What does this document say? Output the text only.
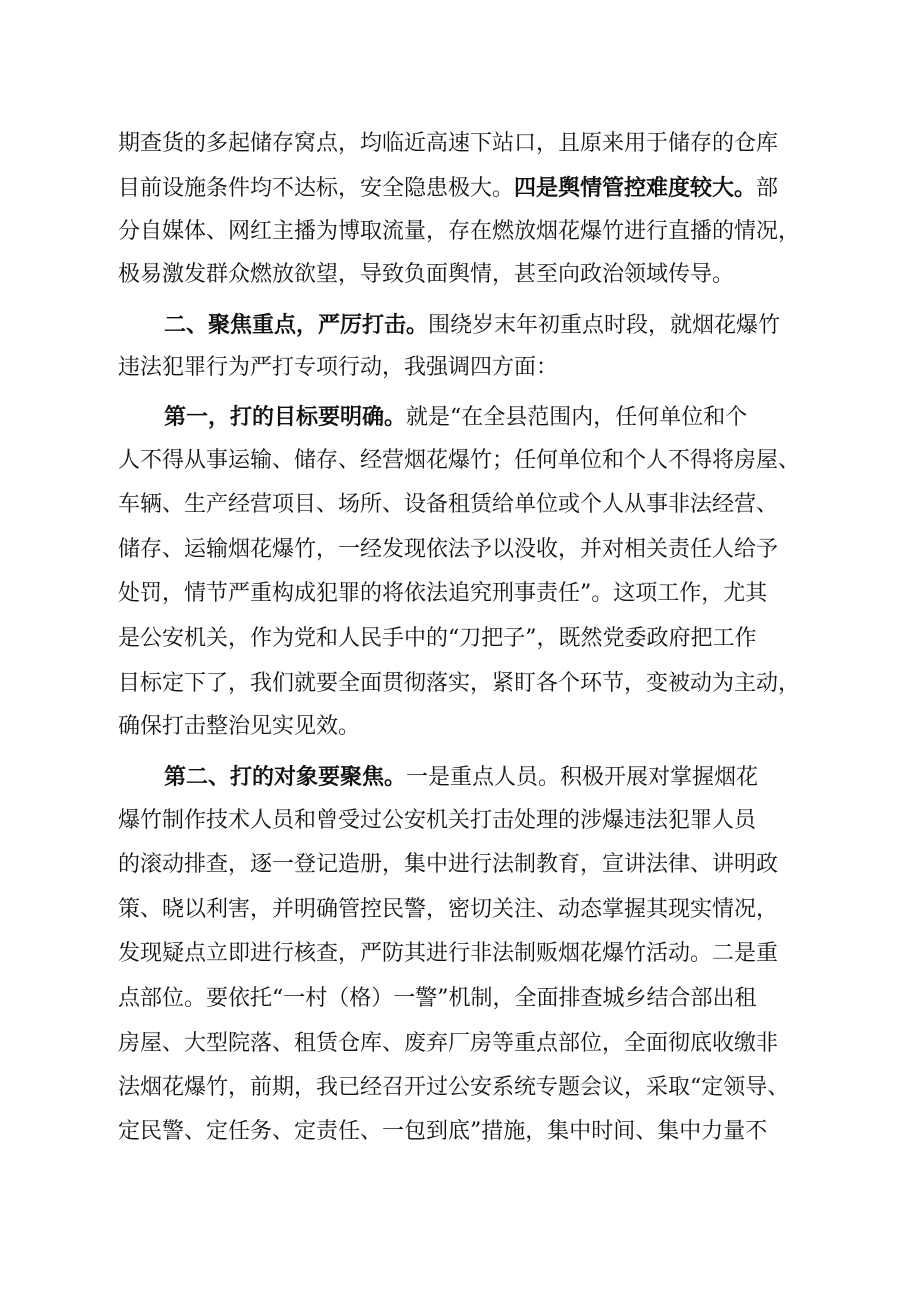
期查货的多起储存窝点，均临近高速下站口，且原来用于储存的仓库
目前设施条件均不达标，安全隐患极大。四是舆情管控难度较大。部
分自媒体、网红主播为博取流量，存在燃放烟花爆竹进行直播的情况，
极易激发群众燃放欲望，导致负面舆情，甚至向政治领域传导。
二、聚焦重点，严厉打击。围绕岁末年初重点时段，就烟花爆竹
违法犯罪行为严打专项行动，我强调四方面：
第一，打的目标要明确。就是“在全县范围内，任何单位和个
人不得从事运输、储存、经营烟花爆竹；任何单位和个人不得将房屋、
车辆、生产经营项目、场所、设备租赁给单位或个人从事非法经营、
储存、运输烟花爆竹，一经发现依法予以没收，并对相关责任人给予
处罚，情节严重构成犯罪的将依法追究刑事责任”。这项工作，尤其
是公安机关，作为党和人民手中的“刀把子”，既然党委政府把工作
目标定下了，我们就要全面贯彻落实，紧盯各个环节，变被动为主动，
确保打击整治见实见效。
第二、打的对象要聚焦。一是重点人员。积极开展对掌握烟花
爆竹制作技术人员和曾受过公安机关打击处理的涉爆违法犯罪人员
的滚动排查，逐一登记造册，集中进行法制教育，宣讲法律、讲明政
策、晓以利害，并明确管控民警，密切关注、动态掌握其现实情况，
发现疑点立即进行核查，严防其进行非法制贩烟花爆竹活动。二是重
点部位。要依托“一村（格）一警”机制，全面排查城乡结合部出租
房屋、大型院落、租赁仓库、废弃厂房等重点部位，全面彻底收缴非
法烟花爆竹，前期，我已经召开过公安系统专题会议，采取“定领导、
定民警、定任务、定责任、一包到底”措施，集中时间、集中力量不
